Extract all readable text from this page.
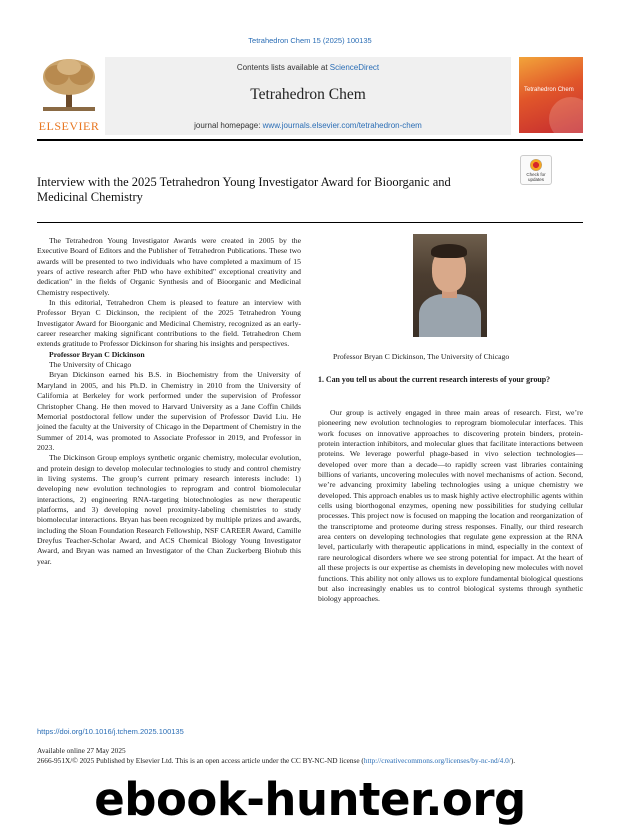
Tetrahedron Chem 15 (2025) 100135
ELSEVIER
Contents lists available at ScienceDirect
Tetrahedron Chem
journal homepage: www.journals.elsevier.com/tetrahedron-chem
Tetrahedron Chem
Interview with the 2025 Tetrahedron Young Investigator Award for Bioorganic and Medicinal Chemistry
Check for updates

The Tetrahedron Young Investigator Awards were created in 2005 by the Executive Board of Editors and the Publisher of Tetrahedron Publications. These two awards will be presented to two individuals who have completed a maximum of 15 years of active research after PhD who have exhibited" exceptional creativity and dedication" in the fields of Organic Synthesis and of Bioorganic and Medicinal Chemistry respectively.

In this editorial, Tetrahedron Chem is pleased to feature an interview with Professor Bryan C Dickinson, the recipient of the 2025 Tetrahedron Young Investigator Award for Bioorganic and Medicinal Chemistry, recognized as an early-career researcher making significant contributions to the field. Tetrahedron Chem extends gratitude to Professor Dickinson for sharing his insights and perspectives.

Professor Bryan C Dickinson

The University of Chicago

Bryan Dickinson earned his B.S. in Biochemistry from the University of Maryland in 2005, and his Ph.D. in Chemistry in 2010 from the University of California at Berkeley for work performed under the supervision of Professor Christopher Chang. He then moved to Harvard University as a Jane Coffin Childs Memorial postdoctoral fellow under the supervision of Professor David Liu. He joined the faculty at the University of Chicago in the Department of Chemistry in the Summer of 2014, was promoted to Associate Professor in 2019, and Professor in 2023.

The Dickinson Group employs synthetic organic chemistry, molecular evolution, and protein design to develop molecular technologies to study and control chemistry in living systems. The group’s current primary research interests include: 1) developing new evolution technologies to reprogram and control biomolecular interactions, 2) engineering RNA-targeting biotechnologies as new therapeutic platforms, and 3) developing novel proximity-labeling chemistries to study biomolecular interactions. Bryan has been recognized by multiple prizes and awards, including the Sloan Foundation Research Fellowship, NSF CAREER Award, Camille Dreyfus Teacher-Scholar Award, and ACS Chemical Biology Young Investigator Award, and Bryan was named an Investigator of the Chan Zuckerberg Biohub this year.

Professor Bryan C Dickinson, The University of Chicago
1. Can you tell us about the current research interests of your group?
Our group is actively engaged in three main areas of research. First, we’re pioneering new evolution technologies to reprogram biomolecular interfaces. This work focuses on innovative approaches to discovering protein binders, protein-protein interaction inhibitors, and molecular glues that facilitate interactions between proteins. We leverage powerful phage-based in vivo selection technologies—developed over more than a decade—to rapidly screen vast libraries containing billions of variants, uncovering molecules with novel mechanisms of action. Second, we’re advancing proximity labeling technologies using a unique chemistry we developed. This approach enables us to mask highly active electrophilic agents within cells using biorthogonal enzymes, opening new possibilities for studying cellular processes. This project now is focused on mapping the location and reorganization of the transcriptome and proteome during stress responses. Finally, our third research area centers on developing technologies that regulate gene expression at the RNA level, particularly with therapeutic applications in mind, especially in the context of rare neurological disorders where we see strong potential for impact. At the heart of all these projects is our expertise as chemists in developing new molecules with novel functions. This ability not only allows us to explore fundamental biological questions but also increasingly enables us to control biological systems through synthetic biology approaches.
https://doi.org/10.1016/j.tchem.2025.100135
Available online 27 May 2025
2666-951X/© 2025 Published by Elsevier Ltd. This is an open access article under the CC BY-NC-ND license (http://creativecommons.org/licenses/by-nc-nd/4.0/).
ebook-hunter.org
